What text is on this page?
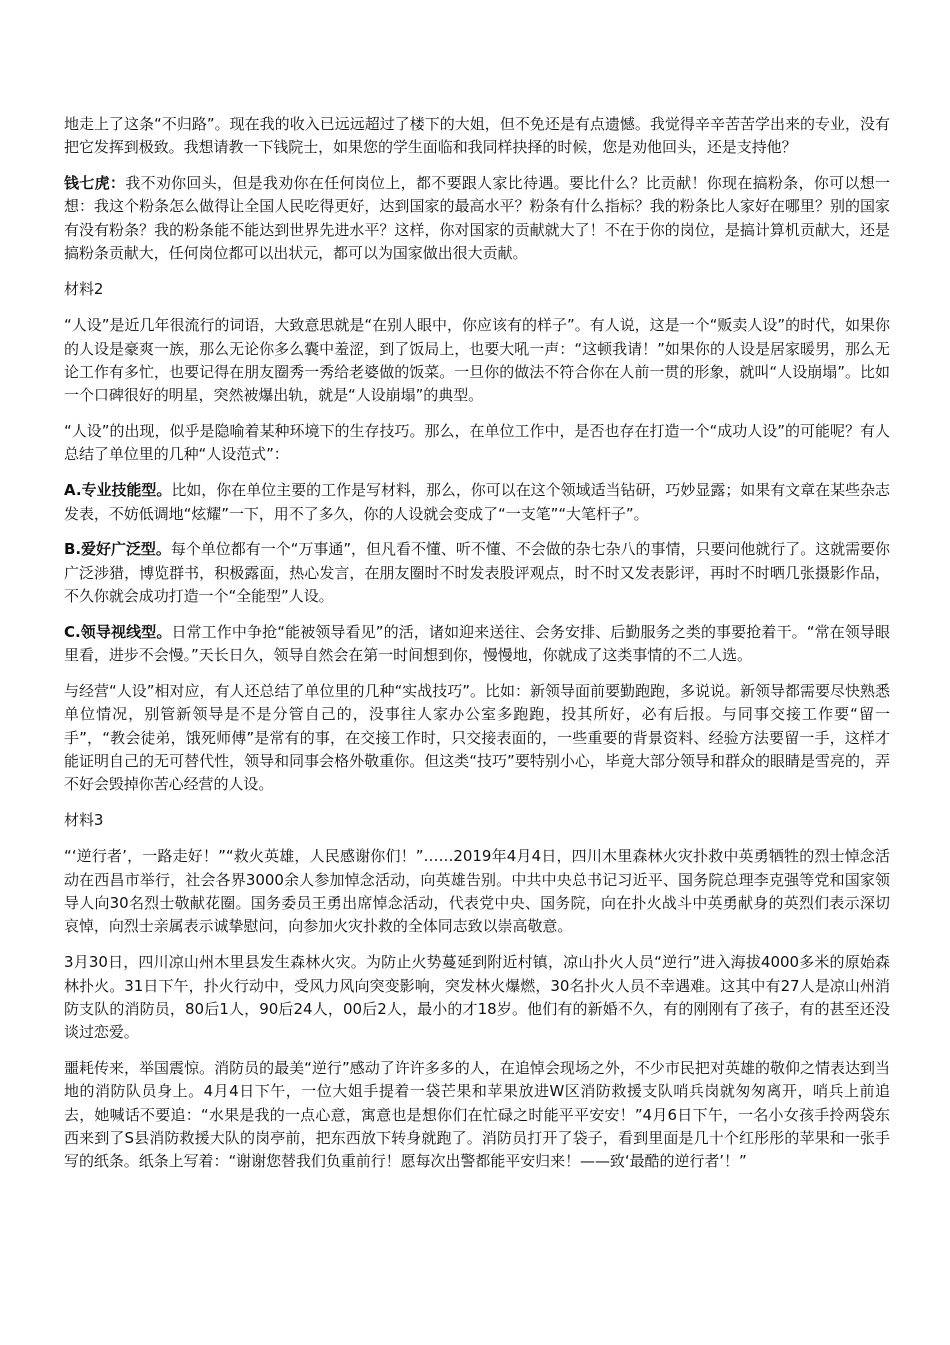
地走上了这条“不归路”。现在我的收入已远远超过了楼下的大姐，但不免还是有点遗憾。我觉得辛辛苦苦学出来的专业，没有把它发挥到极致。我想请教一下钱院士，如果您的学生面临和我同样抉择的时候，您是劝他回头，还是支持他？

钱七虎：我不劝你回头，但是我劝你在任何岗位上，都不要跟人家比待遇。要比什么？比贡献！你现在搞粉条，你可以想一想：我这个粉条怎么做得让全国人民吃得更好，达到国家的最高水平？粉条有什么指标？我的粉条比人家好在哪里？别的国家有没有粉条？我的粉条能不能达到世界先进水平？这样，你对国家的贡献就大了！不在于你的岗位，是搞计算机贡献大，还是搞粉条贡献大，任何岗位都可以出状元，都可以为国家做出很大贡献。

材料2

“人设”是近几年很流行的词语，大致意思就是“在别人眼中，你应该有的样子”。有人说，这是一个“贩卖人设”的时代，如果你的人设是豪爽一族，那么无论你多么囊中羞涩，到了饭局上，也要大吼一声：“这顿我请！”如果你的人设是居家暖男，那么无论工作有多忙，也要记得在朋友圈秀一秀给老婆做的饭菜。一旦你的做法不符合你在人前一贯的形象，就叫“人设崩塌”。比如一个口碑很好的明星，突然被爆出轨，就是“人设崩塌”的典型。

“人设”的出现，似乎是隐喻着某种环境下的生存技巧。那么，在单位工作中，是否也存在打造一个“成功人设”的可能呢？有人总结了单位里的几种“人设范式”：

A.专业技能型。比如，你在单位主要的工作是写材料，那么，你可以在这个领域适当钻研，巧妙显露；如果有文章在某些杂志发表，不妨低调地“炫耀”一下，用不了多久，你的人设就会变成了“一支笔”“大笔杆子”。

B.爱好广泛型。每个单位都有一个“万事通”，但凡看不懂、听不懂、不会做的杂七杂八的事情，只要问他就行了。这就需要你广泛涉猎，博览群书，积极露面，热心发言，在朋友圈时不时发表股评观点，时不时又发表影评，再时不时晒几张摄影作品，不久你就会成功打造一个“全能型”人设。

C.领导视线型。日常工作中争抢“能被领导看见”的活，诸如迎来送往、会务安排、后勤服务之类的事要抢着干。“常在领导眼里看，进步不会慢。”天长日久，领导自然会在第一时间想到你，慢慢地，你就成了这类事情的不二人选。

与经营“人设”相对应，有人还总结了单位里的几种“实战技巧”。比如：新领导面前要勤跑跑，多说说。新领导都需要尽快熟悉单位情况，别管新领导是不是分管自己的，没事往人家办公室多跑跑，投其所好，必有后报。与同事交接工作要“留一手”，“教会徒弟，饿死师傅”是常有的事，在交接工作时，只交接表面的，一些重要的背景资料、经验方法要留一手，这样才能证明自己的无可替代性，领导和同事会格外敬重你。但这类“技巧”要特别小心，毕竟大部分领导和群众的眼睛是雪亮的，弄不好会毁掉你苦心经营的人设。

材料3

“‘逆行者’，一路走好！”“救火英雄，人民感谢你们！”……2019年4月4日，四川木里森林火灾扑救中英勇牺牲的烈士悼念活动在西昌市举行，社会各界3000余人参加悼念活动，向英雄告别。中共中央总书记习近平、国务院总理李克强等党和国家领导人向30名烈士敬献花圈。国务委员王勇出席悼念活动，代表党中央、国务院，向在扑火战斗中英勇献身的英烈们表示深切哀悼，向烈士亲属表示诚挚慰问，向参加火灾扑救的全体同志致以崇高敬意。

3月30日，四川凉山州木里县发生森林火灾。为防止火势蔓延到附近村镇，凉山扑火人员“逆行”进入海拔4000多米的原始森林扑火。31日下午，扑火行动中，受风力风向突变影响，突发林火爆燃，30名扑火人员不幸遇难。这其中有27人是凉山州消防支队的消防员，80后1人，90后24人，00后2人，最小的才18岁。他们有的新婚不久，有的刚刚有了孩子，有的甚至还没谈过恋爱。

噩耗传来，举国震惊。消防员的最美“逆行”感动了许许多多的人，在追悼会现场之外，不少市民把对英雄的敬仰之情表达到当地的消防队员身上。4月4日下午，一位大姐手提着一袋芒果和苹果放进W区消防救援支队哨兵岗就匆匆离开，哨兵上前追去，她喊话不要追：“水果是我的一点心意，寓意也是想你们在忙碌之时能平平安安！”4月6日下午，一名小女孩手拎两袋东西来到了S县消防救援大队的岗亭前，把东西放下转身就跑了。消防员打开了袋子，看到里面是几十个红彤彤的苹果和一张手写的纸条。纸条上写着：“谢谢您替我们负重前行！愿每次出警都能平安归来！——致‘最酷的逆行者’！”
